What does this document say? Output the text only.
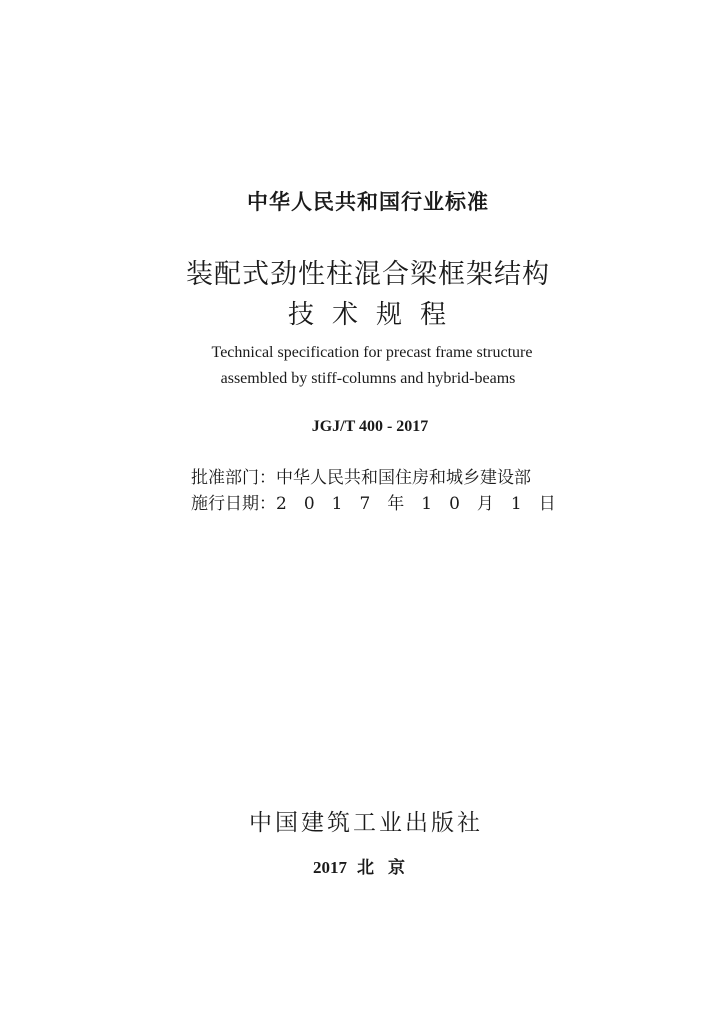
中华人民共和国行业标准
装配式劲性柱混合梁框架结构
技术规程
Technical specification for precast frame structure
assembled by stiff-columns and hybrid-beams
JGJ/T 400 - 2017
批准部门：中华人民共和国住房和城乡建设部
施行日期：2017年10月1日
中国建筑工业出版社
2017 北京
